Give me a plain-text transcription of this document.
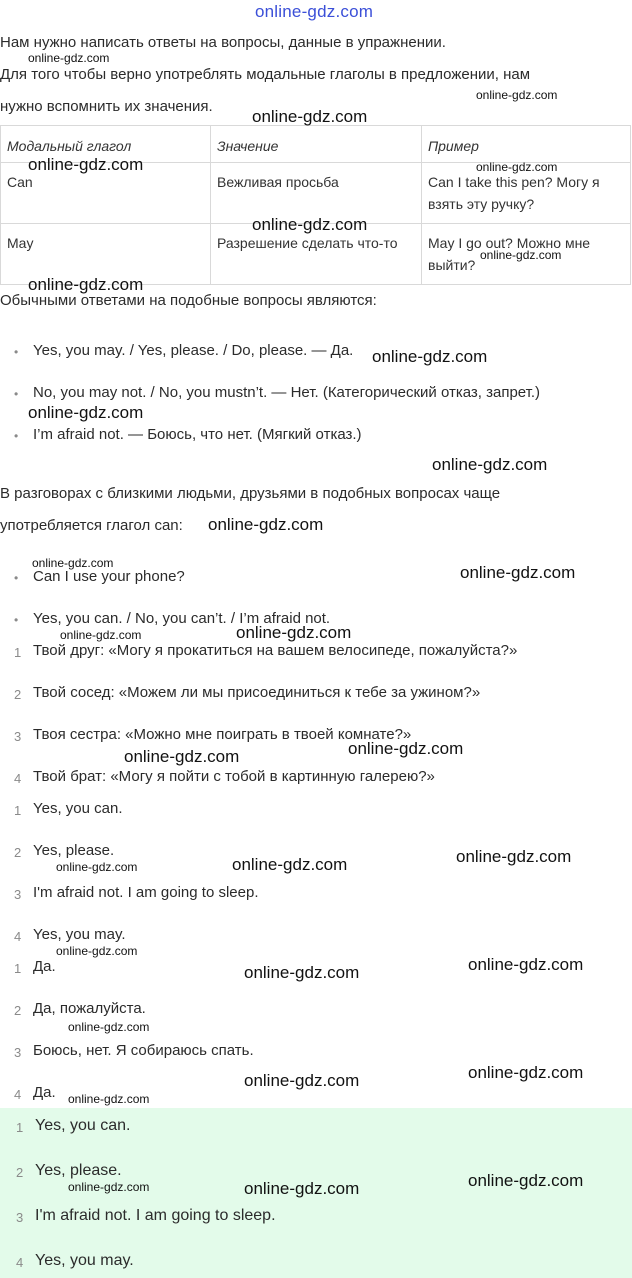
online-gdz.com
Нам нужно написать ответы на вопросы, данные в упражнении.
Для того чтобы верно употреблять модальные глаголы в предложении, нам
нужно вспомнить их значения.
Модальный глагол	Значение	Пример
Can	Вежливая просьба	Can I take this pen? Могу я взять эту ручку?
May	Разрешение сделать что-то	May I go out? Можно мне выйти?
Обычными ответами на подобные вопросы являются:
• Yes, you may. / Yes, please. / Do, please. — Да.
• No, you may not. / No, you mustn’t. — Нет. (Категорический отказ, запрет.)
• I’m afraid not. — Боюсь, что нет. (Мягкий отказ.)
В разговорах с близкими людьми, друзьями в подобных вопросах чаще
употребляется глагол can:
• Can I use your phone?
• Yes, you can. / No, you can’t. / I’m afraid not.
1 Твой друг: «Могу я прокатиться на вашем велосипеде, пожалуйста?»
2 Твой сосед: «Можем ли мы присоединиться к тебе за ужином?»
3 Твоя сестра: «Можно мне поиграть в твоей комнате?»
4 Твой брат: «Могу я пойти с тобой в картинную галерею?»
1 Yes, you can.
2 Yes, please.
3 I'm afraid not. I am going to sleep.
4 Yes, you may.
1 Да.
2 Да, пожалуйста.
3 Боюсь, нет. Я собираюсь спать.
4 Да.
1 Yes, you can.
2 Yes, please.
3 I'm afraid not. I am going to sleep.
4 Yes, you may.
online-gdz.com
online-gdz.com
online-gdz.com
online-gdz.com	online-gdz.com
online-gdz.com
online-gdz.com
online-gdz.com
online-gdz.com
online-gdz.com
online-gdz.com
online-gdz.com
online-gdz.com	online-gdz.com
online-gdz.com	online-gdz.com
online-gdz.com
online-gdz.com
online-gdz.com
online-gdz.com
online-gdz.com
online-gdz.com
online-gdz.com
online-gdz.com
online-gdz.com
online-gdz.com
online-gdz.com
online-gdz.com
online-gdz.com	online-gdz.com
online-gdz.com
